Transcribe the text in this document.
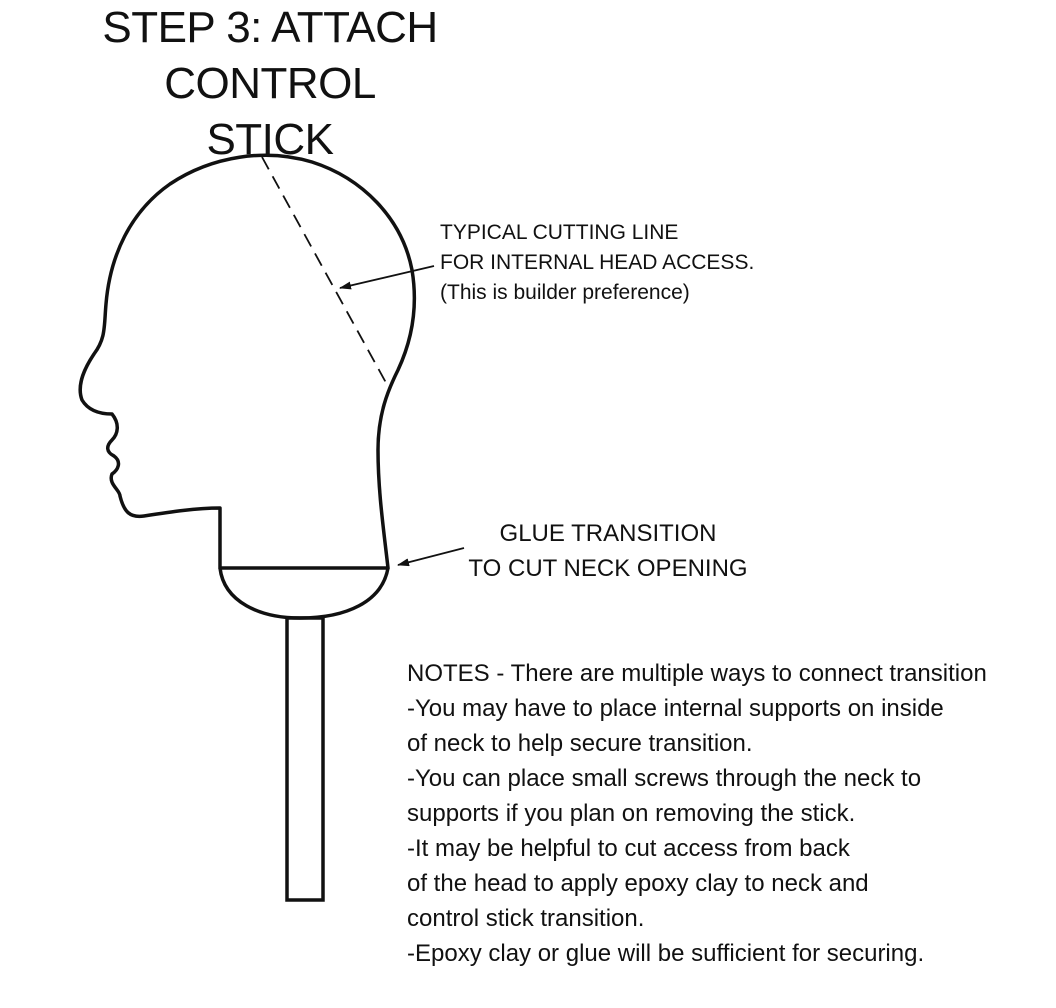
STEP 3: ATTACH CONTROL
STICK
TYPICAL CUTTING LINE
FOR INTERNAL HEAD ACCESS.
(This is builder preference)
GLUE TRANSITION
TO CUT NECK OPENING
NOTES - There are multiple ways to connect transition
-You may have to place internal supports on inside
of neck to help secure transition.
-You can place small screws through the neck to
supports if you plan on removing the stick.
-It may be helpful to cut access from back
of the head to apply epoxy clay to neck and
control stick transition.
-Epoxy clay or glue will be sufficient for securing.
